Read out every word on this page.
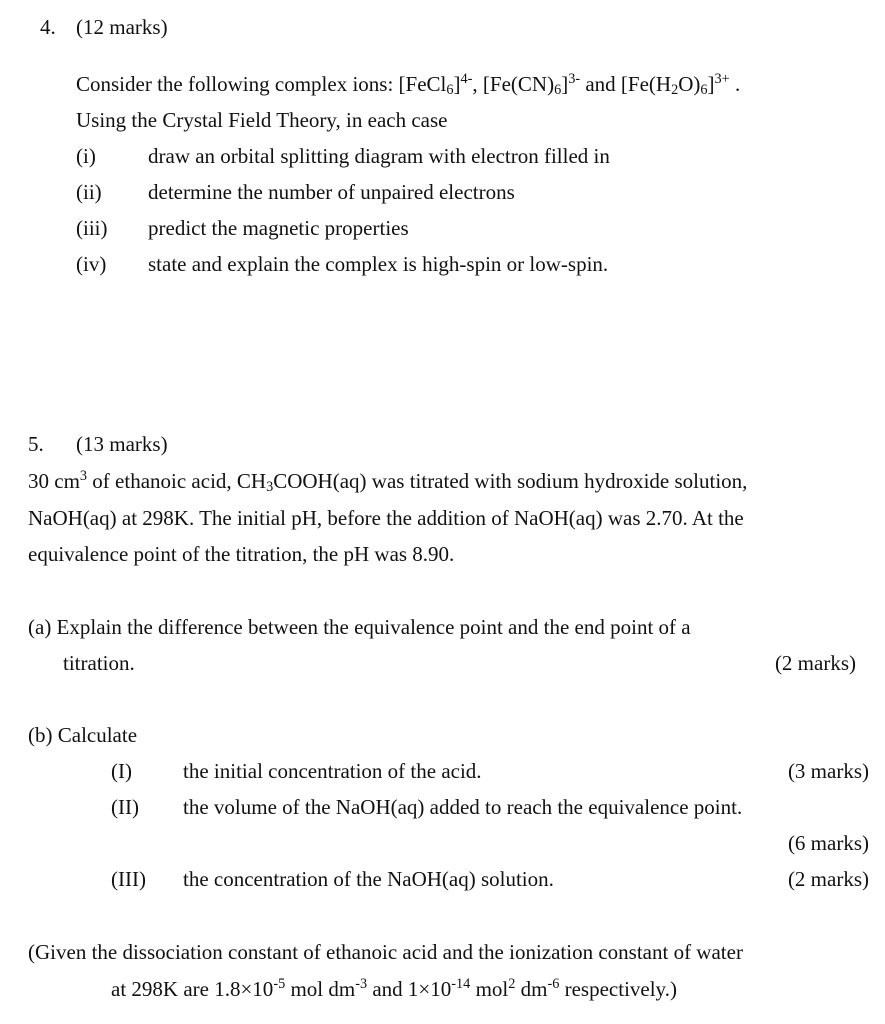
4. (12 marks)
Consider the following complex ions: [FeCl$_6$]$^{4-}$, $[Fe(CN)_6]^{3-}$ and $[Fe(H_2O)_6]^{3+}$ .
Using the Crystal Field Theory, in each case
(i) draw an orbital splitting diagram with electron filled in
(ii) determine the number of unpaired electrons
(iii) predict the magnetic properties
(iv) state and explain the complex is high-spin or low-spin.
5. (13 marks)
30 $cm^3$ of ethanoic acid, $CH_3COOH(aq)$ was titrated with sodium hydroxide solution,
NaOH(aq) at 298K. The initial pH, before the addition of NaOH(aq) was 2.70. At the
equivalence point of the titration, the pH was 8.90.
(a) Explain the difference between the equivalence point and the end point of a
titration.	(2 marks)
(b) Calculate
(I) the initial concentration of the acid.	(3 marks)
(II) the volume of the NaOH(aq) added to reach the equivalence point.
(6 marks)
(III) the concentration of the NaOH(aq) solution.	(2 marks)
(Given the dissociation constant of ethanoic acid and the ionization constant of water
at 298K are $1.8\times 10^{-5}$ mol $dm^{-3}$ and $1\times 10^{-14}$ mol$^2$ $dm^{-6}$ respectively.)
